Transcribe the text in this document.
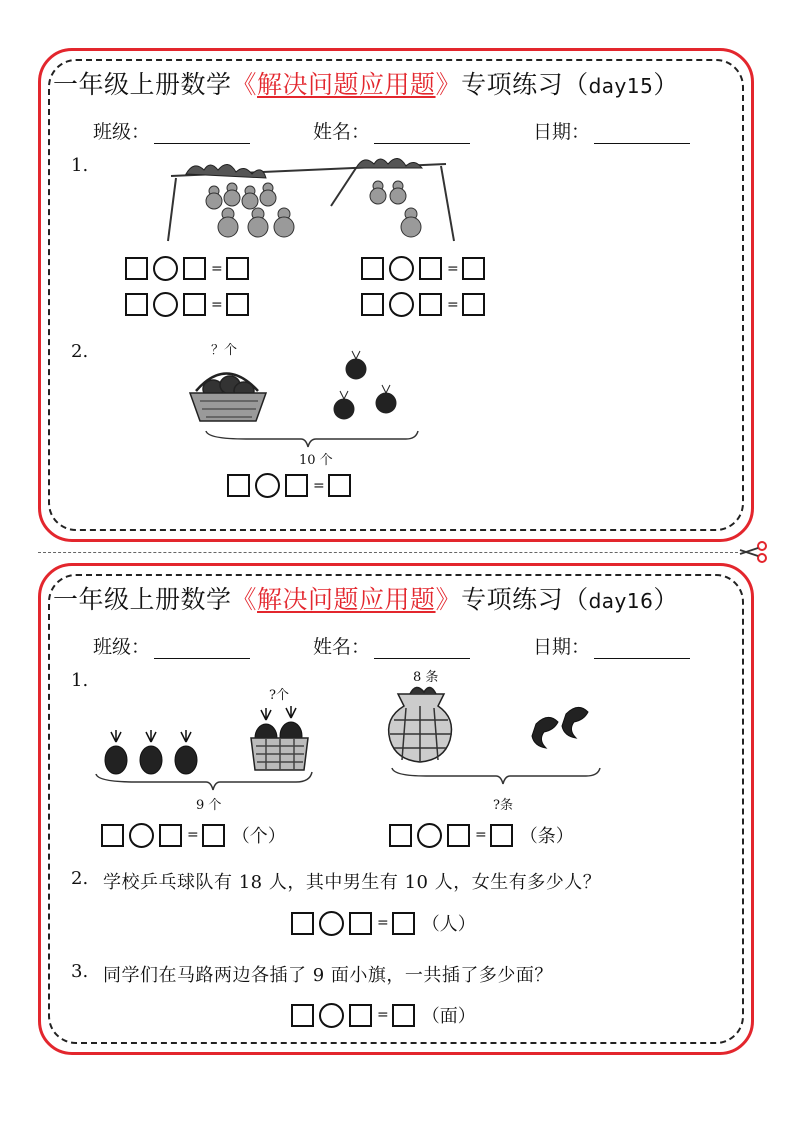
一年级上册数学《解决问题应用题》专项练习（day15）
班级：	姓名：	日期：
1.
=	=
=	=
2.	？个
10 个
=
一年级上册数学《解决问题应用题》专项练习（day16）
班级：	姓名：	日期：
1.
?个
9 个
8 条
?条
= （个）	= （条）
2. 学校乒乓球队有 18 人，其中男生有 10 人，女生有多少人？
= （人）
3. 同学们在马路两边各插了 9 面小旗，一共插了多少面？
= （面）
